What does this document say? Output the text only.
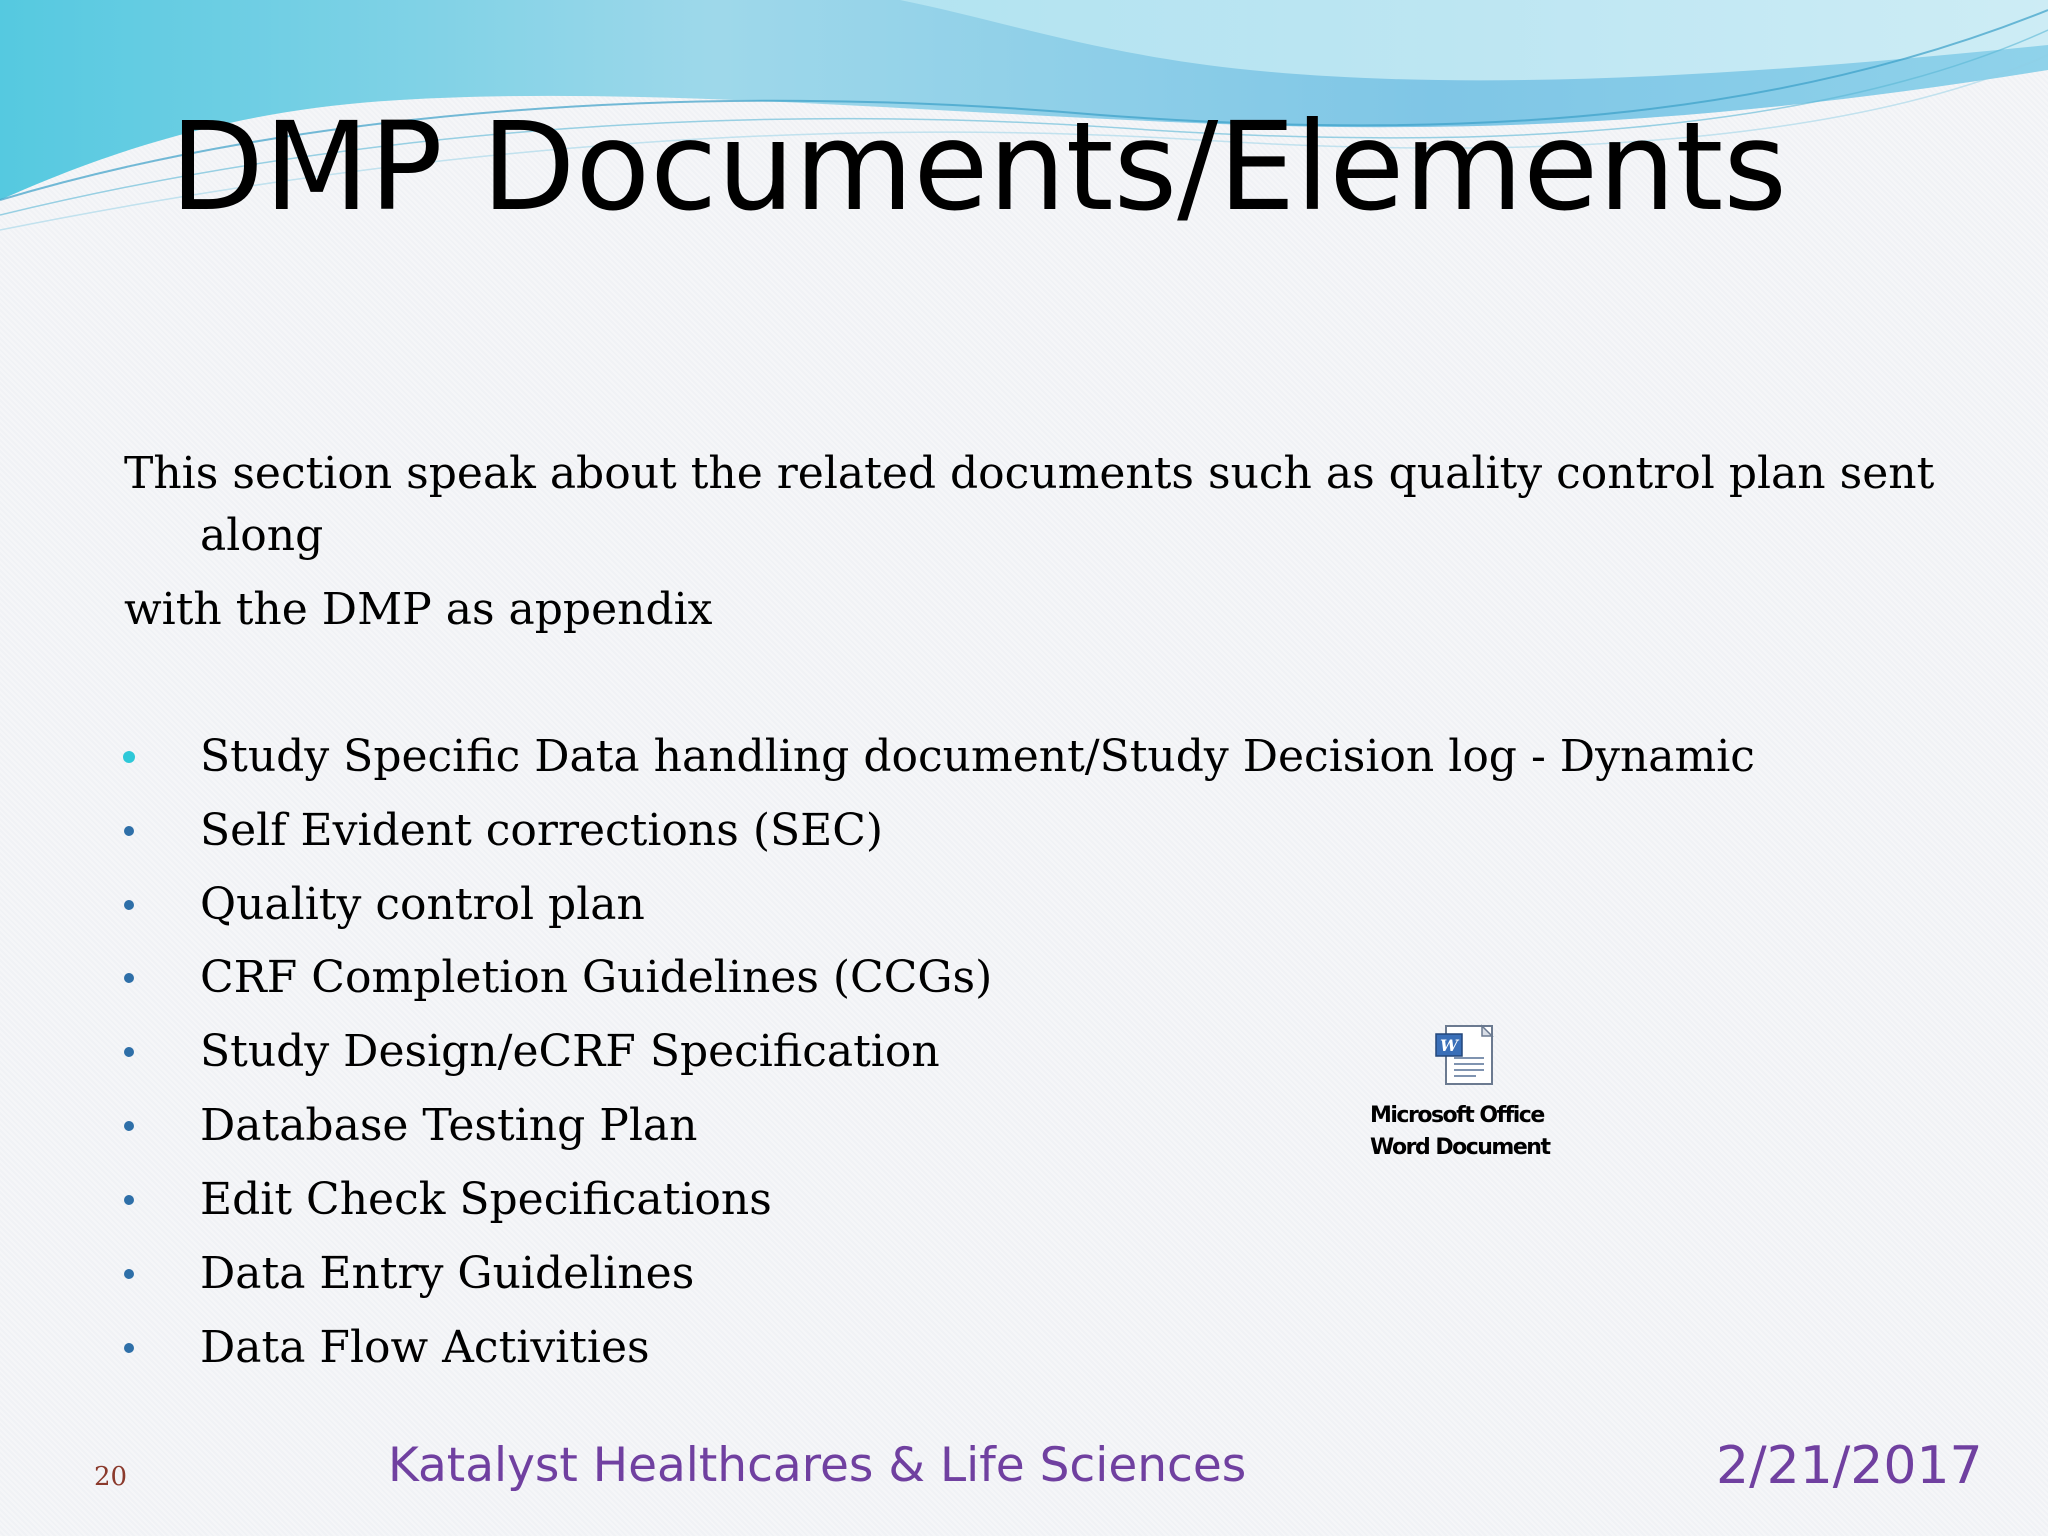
DMP Documents/Elements

This section speak about the related documents such as quality control plan sent

along

with the DMP as appendix

Study Specific Data handling document/Study Decision log - Dynamic
Self Evident corrections (SEC)
Quality control plan
CRF Completion Guidelines (CCGs)
Study Design/eCRF Specification
Database Testing Plan
Edit Check Specifications
Data Entry Guidelines
Data Flow Activities
W
Microsoft Office
Word Document
20	Katalyst Healthcares & Life Sciences	2/21/2017
